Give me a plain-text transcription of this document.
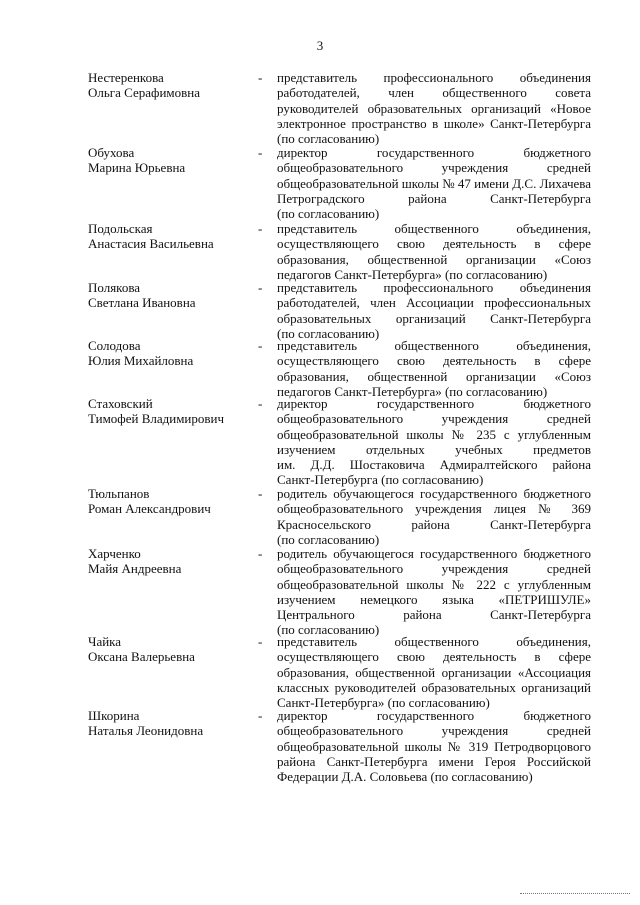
3
Нестеренкова
Ольга Серафимовна
- представитель профессионального объединения
работодателей, член общественного совета
руководителей образовательных организаций «Новое
электронное пространство в школе» Санкт-Петербурга
(по согласованию)
Обухова
Марина Юрьевна
- директор государственного бюджетного
общеобразовательного учреждения средней
общеобразовательной школы № 47 имени Д.С. Лихачева
Петроградского района Санкт-Петербурга
(по согласованию)
Подольская
Анастасия Васильевна
- представитель общественного объединения,
осуществляющего свою деятельность в сфере
образования, общественной организации «Союз
педагогов Санкт-Петербурга» (по согласованию)
Полякова
Светлана Ивановна
- представитель профессионального объединения
работодателей, член Ассоциации профессиональных
образовательных организаций Санкт-Петербурга
(по согласованию)
Солодова
Юлия Михайловна
- представитель общественного объединения,
осуществляющего свою деятельность в сфере
образования, общественной организации «Союз
педагогов Санкт-Петербурга» (по согласованию)
Стаховский
Тимофей Владимирович
- директор государственного бюджетного
общеобразовательного учреждения средней
общеобразовательной школы № 235 с углубленным
изучением отдельных учебных предметов
им. Д.Д. Шостаковича Адмиралтейского района
Санкт-Петербурга (по согласованию)
Тюльпанов
Роман Александрович
- родитель обучающегося государственного бюджетного
общеобразовательного учреждения лицея № 369
Красносельского района Санкт-Петербурга
(по согласованию)
Харченко
Майя Андреевна
- родитель обучающегося государственного бюджетного
общеобразовательного учреждения средней
общеобразовательной школы № 222 с углубленным
изучением немецкого языка «ПЕТРИШУЛЕ»
Центрального района Санкт-Петербурга
(по согласованию)
Чайка
Оксана Валерьевна
- представитель общественного объединения,
осуществляющего свою деятельность в сфере
образования, общественной организации «Ассоциация
классных руководителей образовательных организаций
Санкт-Петербурга» (по согласованию)
Шкорина
Наталья Леонидовна
- директор государственного бюджетного
общеобразовательного учреждения средней
общеобразовательной школы № 319 Петродворцового
района Санкт-Петербурга имени Героя Российской
Федерации Д.А. Соловьева (по согласованию)
